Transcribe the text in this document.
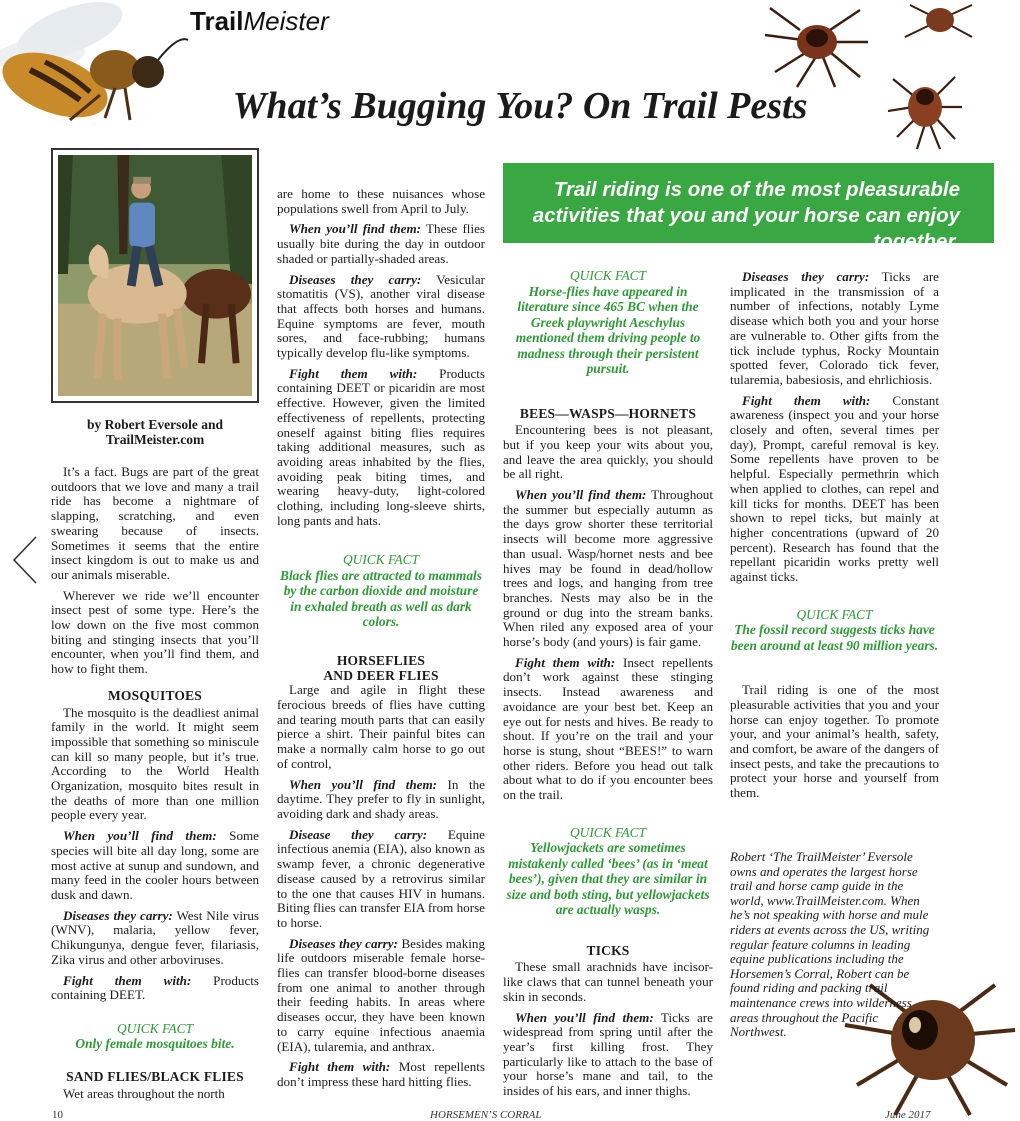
TrailMeister
What’s Bugging You? On Trail Pests
Trail riding is one of the most pleasurable activities that you and your horse can enjoy together.
by Robert Eversole and
TrailMeister.com

It’s a fact. Bugs are part of the great outdoors that we love and many a trail ride has become a nightmare of slapping, scratching, and even swearing because of insects. Sometimes it seems that the entire insect kingdom is out to make us and our animals miserable.

Wherever we ride we’ll encounter insect pest of some type. Here’s the low down on the five most common biting and stinging insects that you’ll encounter, when you’ll find them, and how to fight them.

MOSQUITOES

The mosquito is the deadliest animal family in the world. It might seem impossible that something so miniscule can kill so many people, but it’s true. According to the World Health Organization, mosquito bites result in the deaths of more than one million people every year.

When you’ll find them: Some species will bite all day long, some are most active at sunup and sundown, and many feed in the cooler hours between dusk and dawn.

Diseases they carry: West Nile virus (WNV), malaria, yellow fever, Chikungunya, dengue fever, filariasis, Zika virus and other arboviruses.

Fight them with: Products containing DEET.

QUICK FACT
Only female mosquitoes bite.
SAND FLIES/BLACK FLIES

Wet areas throughout the north

are home to these nuisances whose populations swell from April to July.

When you’ll find them: These flies usually bite during the day in outdoor shaded or partially-shaded areas.

Diseases they carry: Vesicular stomatitis (VS), another viral disease that affects both horses and humans. Equine symptoms are fever, mouth sores, and face-rubbing; humans typically develop flu-like symptoms.

Fight them with: Products containing DEET or picaridin are most effective. However, given the limited effectiveness of repellents, protecting oneself against biting flies requires taking additional measures, such as avoiding areas inhabited by the flies, avoiding peak biting times, and wearing heavy-duty, light-colored clothing, including long-sleeve shirts, long pants and hats.

QUICK FACT
Black flies are attracted to mammals by the carbon dioxide and moisture in exhaled breath as well as dark colors.
HORSEFLIES
AND DEER FLIES

Large and agile in flight these ferocious breeds of flies have cutting and tearing mouth parts that can easily pierce a shirt. Their painful bites can make a normally calm horse to go out of control,

When you’ll find them: In the daytime. They prefer to fly in sunlight, avoiding dark and shady areas.

Disease they carry: Equine infectious anemia (EIA), also known as swamp fever, a chronic degenerative disease caused by a retrovirus similar to the one that causes HIV in humans. Biting flies can transfer EIA from horse to horse.

Diseases they carry: Besides making life outdoors miserable female horse-flies can transfer blood-borne diseases from one animal to another through their feeding habits. In areas where diseases occur, they have been known to carry equine infectious anaemia (EIA), tularemia, and anthrax.

Fight them with: Most repellents don’t impress these hard hitting flies.

QUICK FACT
Horse-flies have appeared in literature since 465 BC when the Greek playwright Aeschylus mentioned them driving people to madness through their persistent pursuit.
BEES—WASPS—HORNETS

Encountering bees is not pleasant, but if you keep your wits about you, and leave the area quickly, you should be all right.

When you’ll find them: Throughout the summer but especially autumn as the days grow shorter these territorial insects will become more aggressive than usual. Wasp/hornet nests and bee hives may be found in dead/hollow trees and logs, and hanging from tree branches. Nests may also be in the ground or dug into the stream banks. When riled any exposed area of your horse’s body (and yours) is fair game.

Fight them with: Insect repellents don’t work against these stinging insects. Instead awareness and avoidance are your best bet. Keep an eye out for nests and hives. Be ready to shout. If you’re on the trail and your horse is stung, shout “BEES!” to warn other riders. Before you head out talk about what to do if you encounter bees on the trail.

QUICK FACT
Yellowjackets are sometimes mistakenly called ‘bees’ (as in ‘meat bees’), given that they are similar in size and both sting, but yellowjackets are actually wasps.
TICKS

These small arachnids have incisor-like claws that can tunnel beneath your skin in seconds.

When you’ll find them: Ticks are widespread from spring until after the year’s first killing frost. They particularly like to attach to the base of your horse’s mane and tail, to the insides of his ears, and inner thighs.

Diseases they carry: Ticks are implicated in the transmission of a number of infections, notably Lyme disease which both you and your horse are vulnerable to. Other gifts from the tick include typhus, Rocky Mountain spotted fever, Colorado tick fever, tularemia, babesiosis, and ehrlichiosis.

Fight them with: Constant awareness (inspect you and your horse closely and often, several times per day), Prompt, careful removal is key. Some repellents have proven to be helpful. Especially permethrin which when applied to clothes, can repel and kill ticks for months. DEET has been shown to repel ticks, but mainly at higher concentrations (upward of 20 percent). Research has found that the repellant picaridin works pretty well against ticks.

QUICK FACT
The fossil record suggests ticks have been around at least 90 million years.

Trail riding is one of the most pleasurable activities that you and your horse can enjoy together. To promote your, and your animal’s health, safety, and comfort, be aware of the dangers of insect pests, and take the precautions to protect your horse and yourself from them.

Robert ‘The TrailMeister’ Eversole owns and operates the largest horse trail and horse camp guide in the world, www.TrailMeister.com. When he’s not speaking with horse and mule riders at events across the US, writing regular feature columns in leading equine publications including the Horsemen’s Corral, Robert can be found riding and packing trail maintenance crews into wilderness areas throughout the Pacific Northwest.
10	HORSEMEN’S CORRAL	June 2017
